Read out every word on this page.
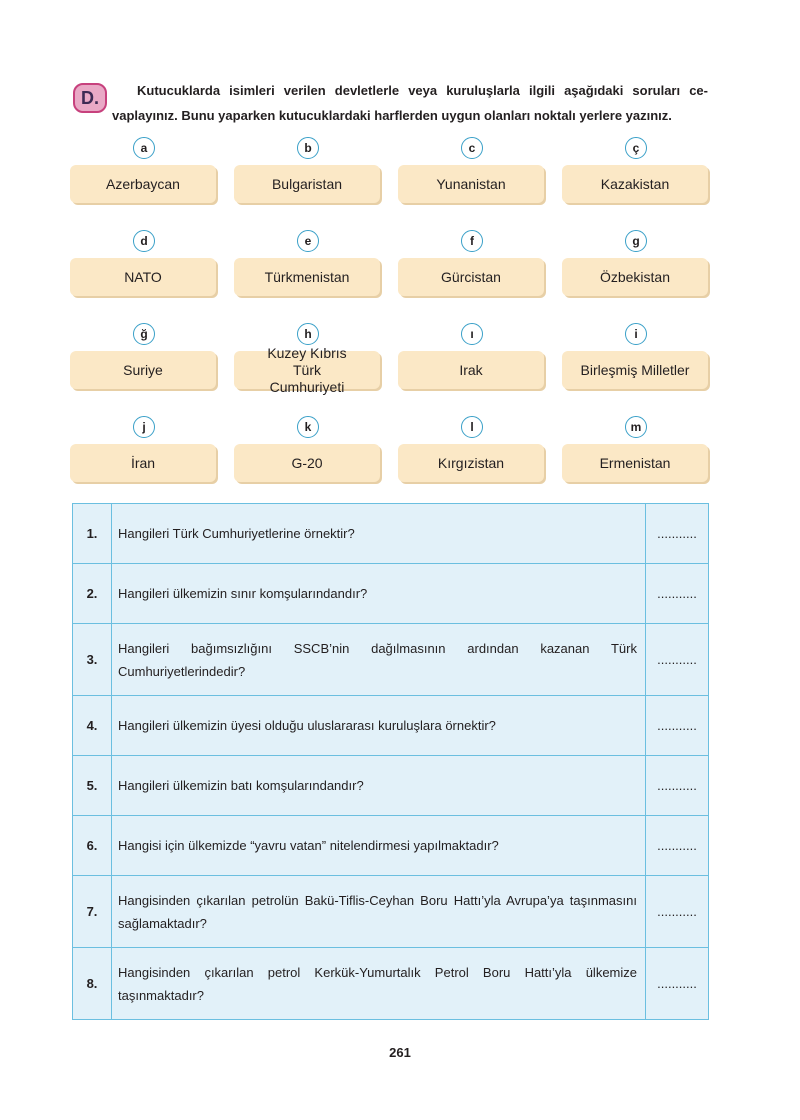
D.	Kutucuklarda isimleri verilen devletlerle veya kuruluşlarla ilgili aşağıdaki soruları ce-
vaplayınız. Bunu yaparken kutucuklardaki harflerden uygun olanları noktalı yerlere yazınız.
a
Azerbaycan
b
Bulgaristan
c
Yunanistan
ç
Kazakistan
d
NATO
e
Türkmenistan
f
Gürcistan
g
Özbekistan
ğ
Suriye
h
Kuzey Kıbrıs Türk Cumhuriyeti
ı
Irak
i
Birleşmiş Milletler
j
İran
k
G-20
l
Kırgızistan
m
Ermenistan
1.	Hangileri Türk Cumhuriyetlerine örnektir?	...........
2.	Hangileri ülkemizin sınır komşularındandır?	...........
3.	Hangileri bağımsızlığını SSCB’nin dağılmasının ardından kazanan Türk Cumhuriyetlerindedir?	...........
4.	Hangileri ülkemizin üyesi olduğu uluslararası kuruluşlara örnektir?	...........
5.	Hangileri ülkemizin batı komşularındandır?	...........
6.	Hangisi için ülkemizde “yavru vatan” nitelendirmesi yapılmaktadır?	...........
7.	Hangisinden çıkarılan petrolün Bakü-Tiflis-Ceyhan Boru Hattı’yla Avrupa’ya taşınmasını sağlamaktadır?	...........
8.	Hangisinden çıkarılan petrol Kerkük-Yumurtalık Petrol Boru Hattı’yla ülkemize taşınmaktadır?	...........
261
